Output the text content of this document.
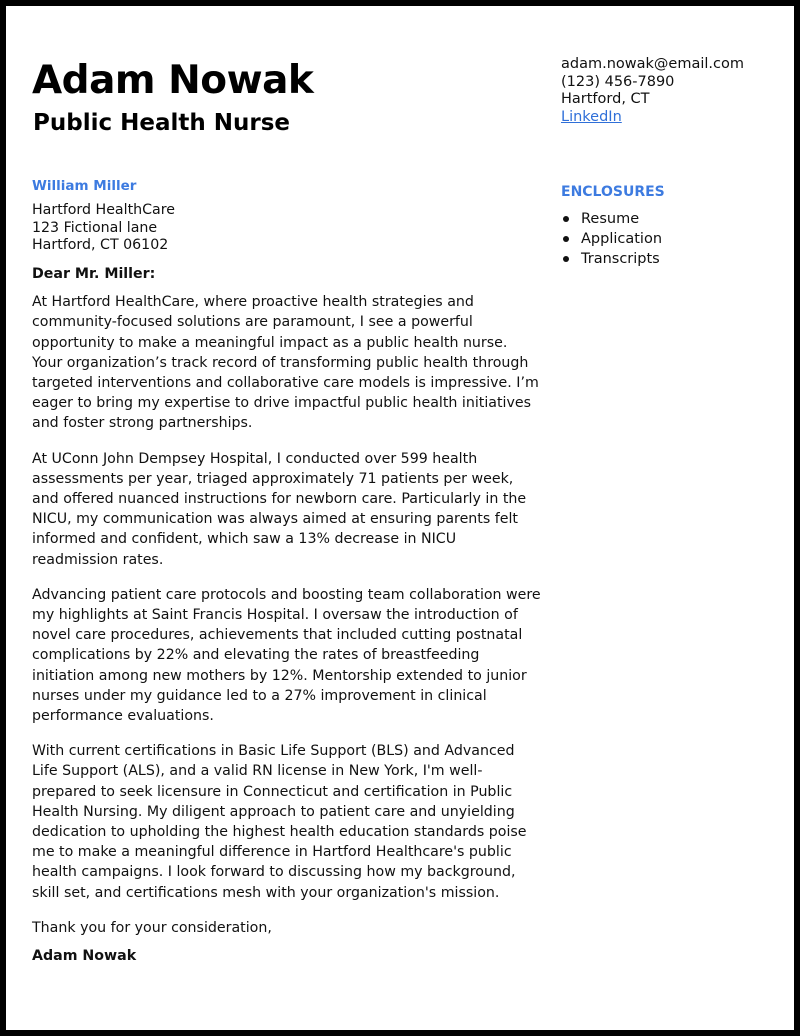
Adam Nowak
Public Health Nurse
adam.nowak@email.com
(123) 456-7890
Hartford, CT
LinkedIn
ENCLOSURES
Resume
Application
Transcripts
William Miller
Hartford HealthCare
123 Fictional lane
Hartford, CT 06102

Dear Mr. Miller:

At Hartford HealthCare, where proactive health strategies and community-focused solutions are paramount, I see a powerful opportunity to make a meaningful impact as a public health nurse. Your organization’s track record of transforming public health through targeted interventions and collaborative care models is impressive. I’m eager to bring my expertise to drive impactful public health initiatives and foster strong partnerships.

At UConn John Dempsey Hospital, I conducted over 599 health assessments per year, triaged approximately 71 patients per week, and offered nuanced instructions for newborn care. Particularly in the NICU, my communication was always aimed at ensuring parents felt informed and confident, which saw a 13% decrease in NICU readmission rates.

Advancing patient care protocols and boosting team collaboration were my highlights at Saint Francis Hospital. I oversaw the introduction of novel care procedures, achievements that included cutting postnatal complications by 22% and elevating the rates of breastfeeding initiation among new mothers by 12%. Mentorship extended to junior nurses under my guidance led to a 27% improvement in clinical performance evaluations.

With current certifications in Basic Life Support (BLS) and Advanced Life Support (ALS), and a valid RN license in New York, I'm well-prepared to seek licensure in Connecticut and certification in Public Health Nursing. My diligent approach to patient care and unyielding dedication to upholding the highest health education standards poise me to make a meaningful difference in Hartford Healthcare's public health campaigns. I look forward to discussing how my background, skill set, and certifications mesh with your organization's mission.

Thank you for your consideration,

Adam Nowak
